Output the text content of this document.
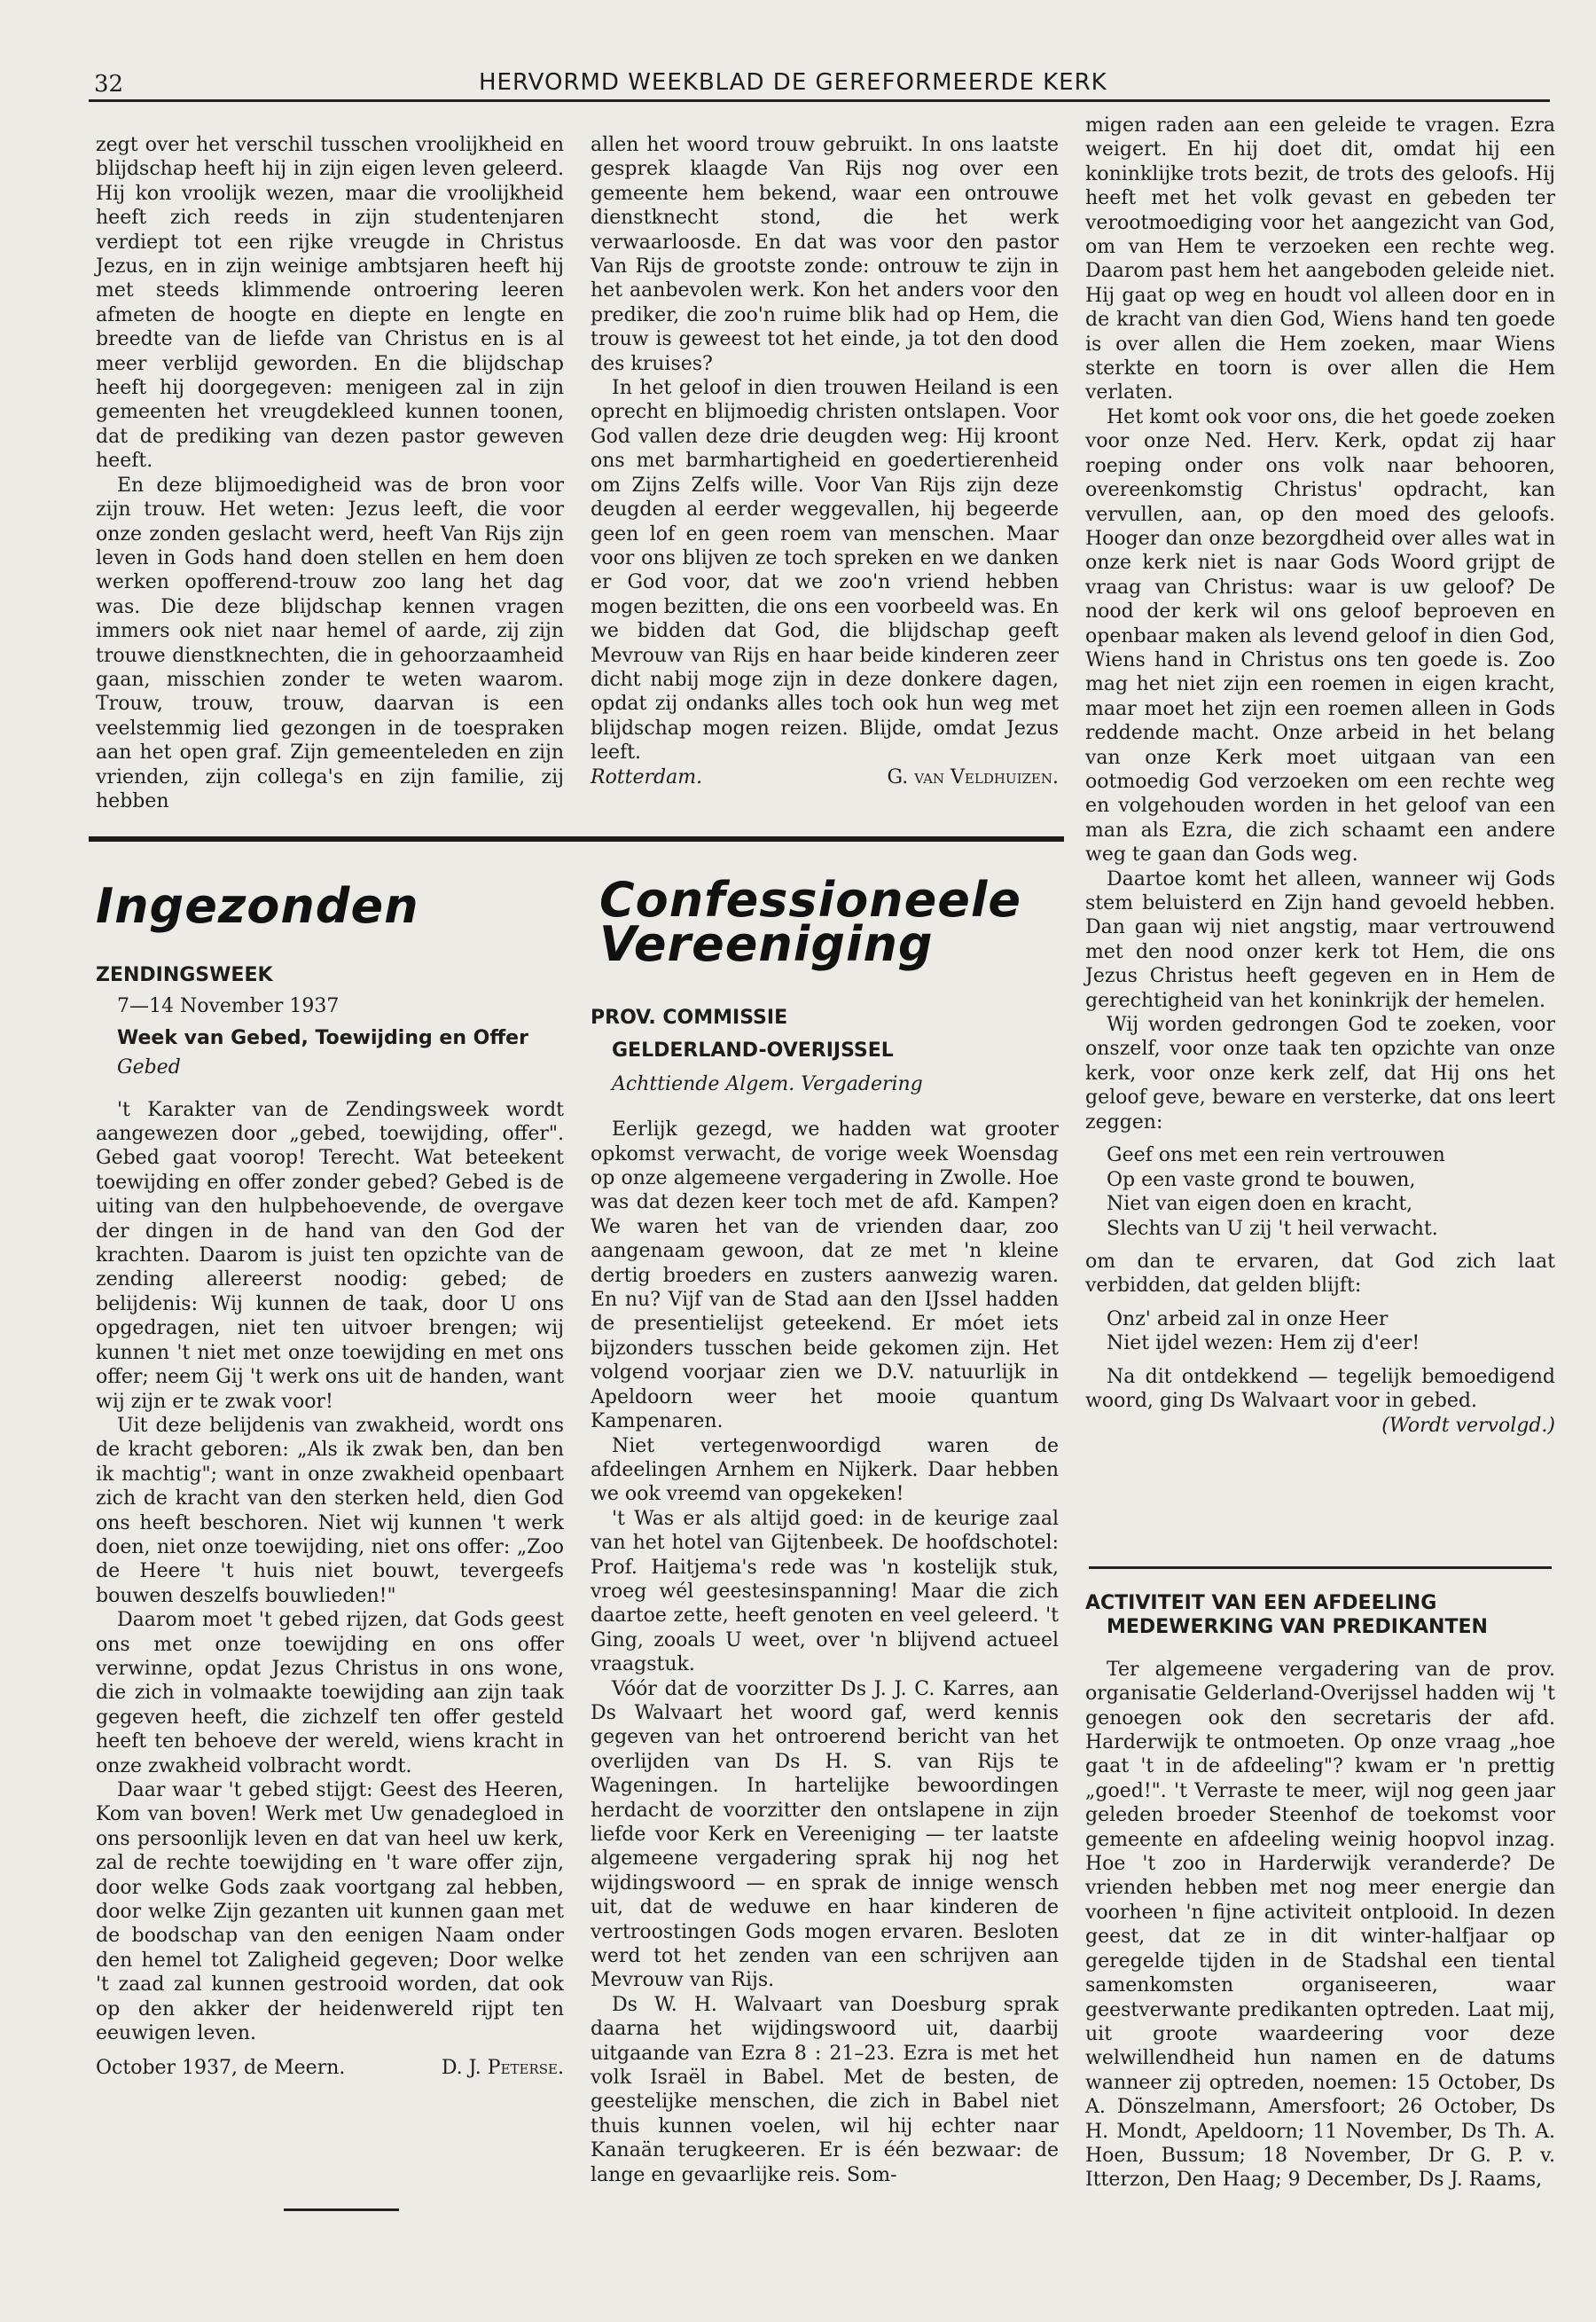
32	HERVORMD WEEKBLAD DE GEREFORMEERDE KERK

zegt over het verschil tusschen vroolijkheid en blijdschap heeft hij in zijn eigen leven geleerd. Hij kon vroolijk wezen, maar die vroolijkheid heeft zich reeds in zijn studentenjaren verdiept tot een rijke vreugde in Christus Jezus, en in zijn weinige ambtsjaren heeft hij met steeds klimmende ontroering leeren afmeten de hoogte en diepte en lengte en breedte van de liefde van Christus en is al meer verblijd geworden. En die blijdschap heeft hij doorgegeven: menigeen zal in zijn gemeenten het vreugdekleed kunnen toonen, dat de prediking van dezen pastor geweven heeft.

En deze blijmoedigheid was de bron voor zijn trouw. Het weten: Jezus leeft, die voor onze zonden geslacht werd, heeft Van Rijs zijn leven in Gods hand doen stellen en hem doen werken opofferend-trouw zoo lang het dag was. Die deze blijdschap kennen vragen immers ook niet naar hemel of aarde, zij zijn trouwe dienstknechten, die in gehoorzaamheid gaan, misschien zonder te weten waarom. Trouw, trouw, trouw, daarvan is een veelstemmig lied gezongen in de toespraken aan het open graf. Zijn gemeenteleden en zijn vrienden, zijn collega's en zijn familie, zij hebben

allen het woord trouw gebruikt. In ons laatste gesprek klaagde Van Rijs nog over een gemeente hem bekend, waar een ontrouwe dienstknecht stond, die het werk verwaarloosde. En dat was voor den pastor Van Rijs de grootste zonde: ontrouw te zijn in het aanbevolen werk. Kon het anders voor den prediker, die zoo'n ruime blik had op Hem, die trouw is geweest tot het einde, ja tot den dood des kruises?

In het geloof in dien trouwen Heiland is een oprecht en blijmoedig christen ontslapen. Voor God vallen deze drie deugden weg: Hij kroont ons met barmhartigheid en goedertierenheid om Zijns Zelfs wille. Voor Van Rijs zijn deze deugden al eerder weggevallen, hij begeerde geen lof en geen roem van menschen. Maar voor ons blijven ze toch spreken en we danken er God voor, dat we zoo'n vriend hebben mogen bezitten, die ons een voorbeeld was. En we bidden dat God, die blijdschap geeft Mevrouw van Rijs en haar beide kinderen zeer dicht nabij moge zijn in deze donkere dagen, opdat zij ondanks alles toch ook hun weg met blijdschap mogen reizen. Blijde, omdat Jezus leeft.

Rotterdam.	G. van Veldhuizen.
Ingezonden

ZENDINGSWEEK

7—14 November 1937

Week van Gebed, Toewijding en Offer

Gebed

't Karakter van de Zendingsweek wordt aangewezen door „gebed, toewijding, offer". Gebed gaat voorop! Terecht. Wat beteekent toewijding en offer zonder gebed? Gebed is de uiting van den hulpbehoevende, de overgave der dingen in de hand van den God der krachten. Daarom is juist ten opzichte van de zending allereerst noodig: gebed; de belijdenis: Wij kunnen de taak, door U ons opgedragen, niet ten uitvoer brengen; wij kunnen 't niet met onze toewijding en met ons offer; neem Gij 't werk ons uit de handen, want wij zijn er te zwak voor!

Uit deze belijdenis van zwakheid, wordt ons de kracht geboren: „Als ik zwak ben, dan ben ik machtig"; want in onze zwakheid openbaart zich de kracht van den sterken held, dien God ons heeft beschoren. Niet wij kunnen 't werk doen, niet onze toewijding, niet ons offer: „Zoo de Heere 't huis niet bouwt, tevergeefs bouwen deszelfs bouwlieden!"

Daarom moet 't gebed rijzen, dat Gods geest ons met onze toewijding en ons offer verwinne, opdat Jezus Christus in ons wone, die zich in volmaakte toewijding aan zijn taak gegeven heeft, die zichzelf ten offer gesteld heeft ten behoeve der wereld, wiens kracht in onze zwakheid volbracht wordt.

Daar waar 't gebed stijgt: Geest des Heeren, Kom van boven! Werk met Uw genadegloed in ons persoonlijk leven en dat van heel uw kerk, zal de rechte toewijding en 't ware offer zijn, door welke Gods zaak voortgang zal hebben, door welke Zijn gezanten uit kunnen gaan met de boodschap van den eenigen Naam onder den hemel tot Zaligheid gegeven; Door welke 't zaad zal kunnen gestrooid worden, dat ook op den akker der heidenwereld rijpt ten eeuwigen leven.

October 1937, de Meern.	D. J. Peterse.
Confessioneele
Vereeniging

PROV. COMMISSIE

GELDERLAND-OVERIJSSEL

Achttiende Algem. Vergadering

Eerlijk gezegd, we hadden wat grooter opkomst verwacht, de vorige week Woensdag op onze algemeene vergadering in Zwolle. Hoe was dat dezen keer toch met de afd. Kampen? We waren het van de vrienden daar, zoo aangenaam gewoon, dat ze met 'n kleine dertig broeders en zusters aanwezig waren. En nu? Vijf van de Stad aan den IJssel hadden de presentielijst geteekend. Er móet iets bijzonders tusschen beide gekomen zijn. Het volgend voorjaar zien we D.V. natuurlijk in Apeldoorn weer het mooie quantum Kampenaren.

Niet vertegenwoordigd waren de afdeelingen Arnhem en Nijkerk. Daar hebben we ook vreemd van opgekeken!

't Was er als altijd goed: in de keurige zaal van het hotel van Gijtenbeek. De hoofdschotel: Prof. Haitjema's rede was 'n kostelijk stuk, vroeg wél geestesinspanning! Maar die zich daartoe zette, heeft genoten en veel geleerd. 't Ging, zooals U weet, over 'n blijvend actueel vraagstuk.

Vóór dat de voorzitter Ds J. J. C. Karres, aan Ds Walvaart het woord gaf, werd kennis gegeven van het ontroerend bericht van het overlijden van Ds H. S. van Rijs te Wageningen. In hartelijke bewoordingen herdacht de voorzitter den ontslapene in zijn liefde voor Kerk en Vereeniging — ter laatste algemeene vergadering sprak hij nog het wijdingswoord — en sprak de innige wensch uit, dat de weduwe en haar kinderen de vertroostingen Gods mogen ervaren. Besloten werd tot het zenden van een schrijven aan Mevrouw van Rijs.

Ds W. H. Walvaart van Doesburg sprak daarna het wijdingswoord uit, daarbij uitgaande van Ezra 8 : 21–23. Ezra is met het volk Israël in Babel. Met de besten, de geestelijke menschen, die zich in Babel niet thuis kunnen voelen, wil hij echter naar Kanaän terugkeeren. Er is één bezwaar: de lange en gevaarlijke reis. Som-

migen raden aan een geleide te vragen. Ezra weigert. En hij doet dit, omdat hij een koninklijke trots bezit, de trots des geloofs. Hij heeft met het volk gevast en gebeden ter verootmoediging voor het aangezicht van God, om van Hem te verzoeken een rechte weg. Daarom past hem het aangeboden geleide niet. Hij gaat op weg en houdt vol alleen door en in de kracht van dien God, Wiens hand ten goede is over allen die Hem zoeken, maar Wiens sterkte en toorn is over allen die Hem verlaten.

Het komt ook voor ons, die het goede zoeken voor onze Ned. Herv. Kerk, opdat zij haar roeping onder ons volk naar behooren, overeenkomstig Christus' opdracht, kan vervullen, aan, op den moed des geloofs. Hooger dan onze bezorgdheid over alles wat in onze kerk niet is naar Gods Woord grijpt de vraag van Christus: waar is uw geloof? De nood der kerk wil ons geloof beproeven en openbaar maken als levend geloof in dien God, Wiens hand in Christus ons ten goede is. Zoo mag het niet zijn een roemen in eigen kracht, maar moet het zijn een roemen alleen in Gods reddende macht. Onze arbeid in het belang van onze Kerk moet uitgaan van een ootmoedig God verzoeken om een rechte weg en volgehouden worden in het geloof van een man als Ezra, die zich schaamt een andere weg te gaan dan Gods weg.

Daartoe komt het alleen, wanneer wij Gods stem beluisterd en Zijn hand gevoeld hebben. Dan gaan wij niet angstig, maar vertrouwend met den nood onzer kerk tot Hem, die ons Jezus Christus heeft gegeven en in Hem de gerechtigheid van het koninkrijk der hemelen.

Wij worden gedrongen God te zoeken, voor onszelf, voor onze taak ten opzichte van onze kerk, voor onze kerk zelf, dat Hij ons het geloof geve, beware en versterke, dat ons leert zeggen:

Geef ons met een rein vertrouwen
Op een vaste grond te bouwen,
Niet van eigen doen en kracht,
Slechts van U zij 't heil verwacht.

om dan te ervaren, dat God zich laat verbidden, dat gelden blijft:

Onz' arbeid zal in onze Heer
Niet ijdel wezen: Hem zij d'eer!

Na dit ontdekkend — tegelijk bemoedigend woord, ging Ds Walvaart voor in gebed.

(Wordt vervolgd.)

ACTIVITEIT VAN EEN AFDEELING

MEDEWERKING VAN PREDIKANTEN

Ter algemeene vergadering van de prov. organisatie Gelderland-Overijssel hadden wij 't genoegen ook den secretaris der afd. Harderwijk te ontmoeten. Op onze vraag „hoe gaat 't in de afdeeling"? kwam er 'n prettig „goed!". 't Verraste te meer, wijl nog geen jaar geleden broeder Steenhof de toekomst voor gemeente en afdeeling weinig hoopvol inzag. Hoe 't zoo in Harderwijk veranderde? De vrienden hebben met nog meer energie dan voorheen 'n fijne activiteit ontplooid. In dezen geest, dat ze in dit winter-halfjaar op geregelde tijden in de Stadshal een tiental samenkomsten organiseeren, waar geestverwante predikanten optreden. Laat mij, uit groote waardeering voor deze welwillendheid hun namen en de datums wanneer zij optreden, noemen: 15 October, Ds A. Dönszelmann, Amersfoort; 26 October, Ds H. Mondt, Apeldoorn; 11 November, Ds Th. A. Hoen, Bussum; 18 November, Dr G. P. v. Itterzon, Den Haag; 9 December, Ds J. Raams,
